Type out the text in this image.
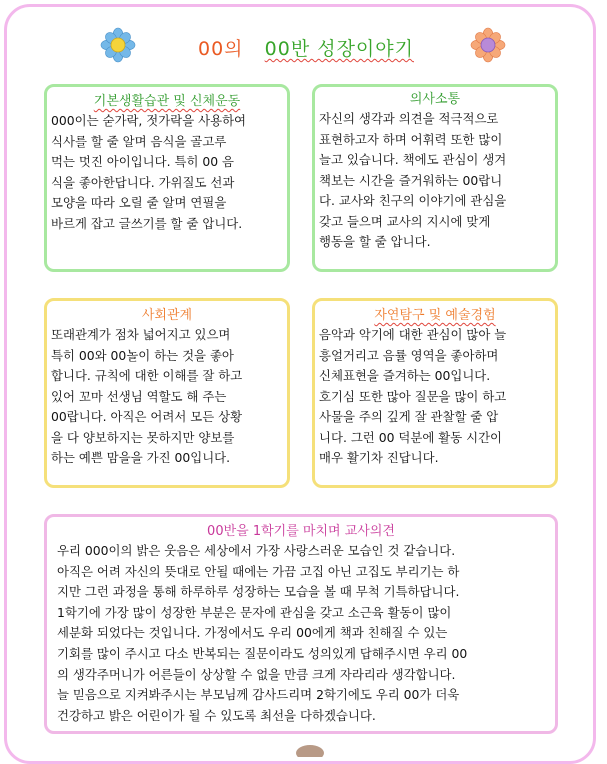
00의 00반 성장이야기
기본생활습관 및 신체운동
000이는 숟가락, 젓가락을 사용하여
식사를 할 줄 알며 음식을 골고루
먹는 멋진 아이입니다. 특히 00 음
식을 좋아한답니다. 가위질도 선과
모양을 따라 오릴 줄 알며 연필을
바르게 잡고 글쓰기를 할 줄 압니다.
의사소통
자신의 생각과 의견을 적극적으로
표현하고자 하며 어휘력 또한 많이
늘고 있습니다. 책에도 관심이 생겨
책보는 시간을 즐거워하는 00랍니
다. 교사와 친구의 이야기에 관심을
갖고 들으며 교사의 지시에 맞게
행동을 할 줄 압니다.
사회관계
또래관계가 점차 넓어지고 있으며
특히 00와 00놀이 하는 것을 좋아
합니다. 규칙에 대한 이해를 잘 하고
있어 꼬마 선생님 역할도 해 주는
00랍니다. 아직은 어려서 모든 상황
을 다 양보하지는 못하지만 양보를
하는 예쁜 맘을을 가진 00입니다.
자연탐구 및 예술경험
음악과 악기에 대한 관심이 많아 늘
흥얼거리고 음률 영역을 좋아하며
신체표현을 즐겨하는 00입니다.
호기심 또한 많아 질문을 많이 하고
사물을 주의 깊게 잘 관찰할 줄 압
니다. 그런 00 덕분에 활동 시간이
매우 활기차 진답니다.
00반을 1학기를 마치며 교사의견
우리 000이의 밝은 웃음은 세상에서 가장 사랑스러운 모습인 것 같습니다.
아직은 어려 자신의 뜻대로 안될 때에는 가끔 고집 아닌 고집도 부리기는 하
지만 그런 과정을 통해 하루하루 성장하는 모습을 볼 때 무척 기특하답니다.
1학기에 가장 많이 성장한 부분은 문자에 관심을 갖고 소근육 활동이 많이
세분화 되었다는 것입니다. 가정에서도 우리 00에게 책과 친해질 수 있는
기회를 많이 주시고 다소 반복되는 질문이라도 성의있게 답해주시면 우리 00
의 생각주머니가 어른들이 상상할 수 없을 만큼 크게 자라리라 생각합니다.
늘 믿음으로 지켜봐주시는 부모님께 감사드리며 2학기에도 우리 00가 더욱
건강하고 밝은 어린이가 될 수 있도록 최선을 다하겠습니다.
